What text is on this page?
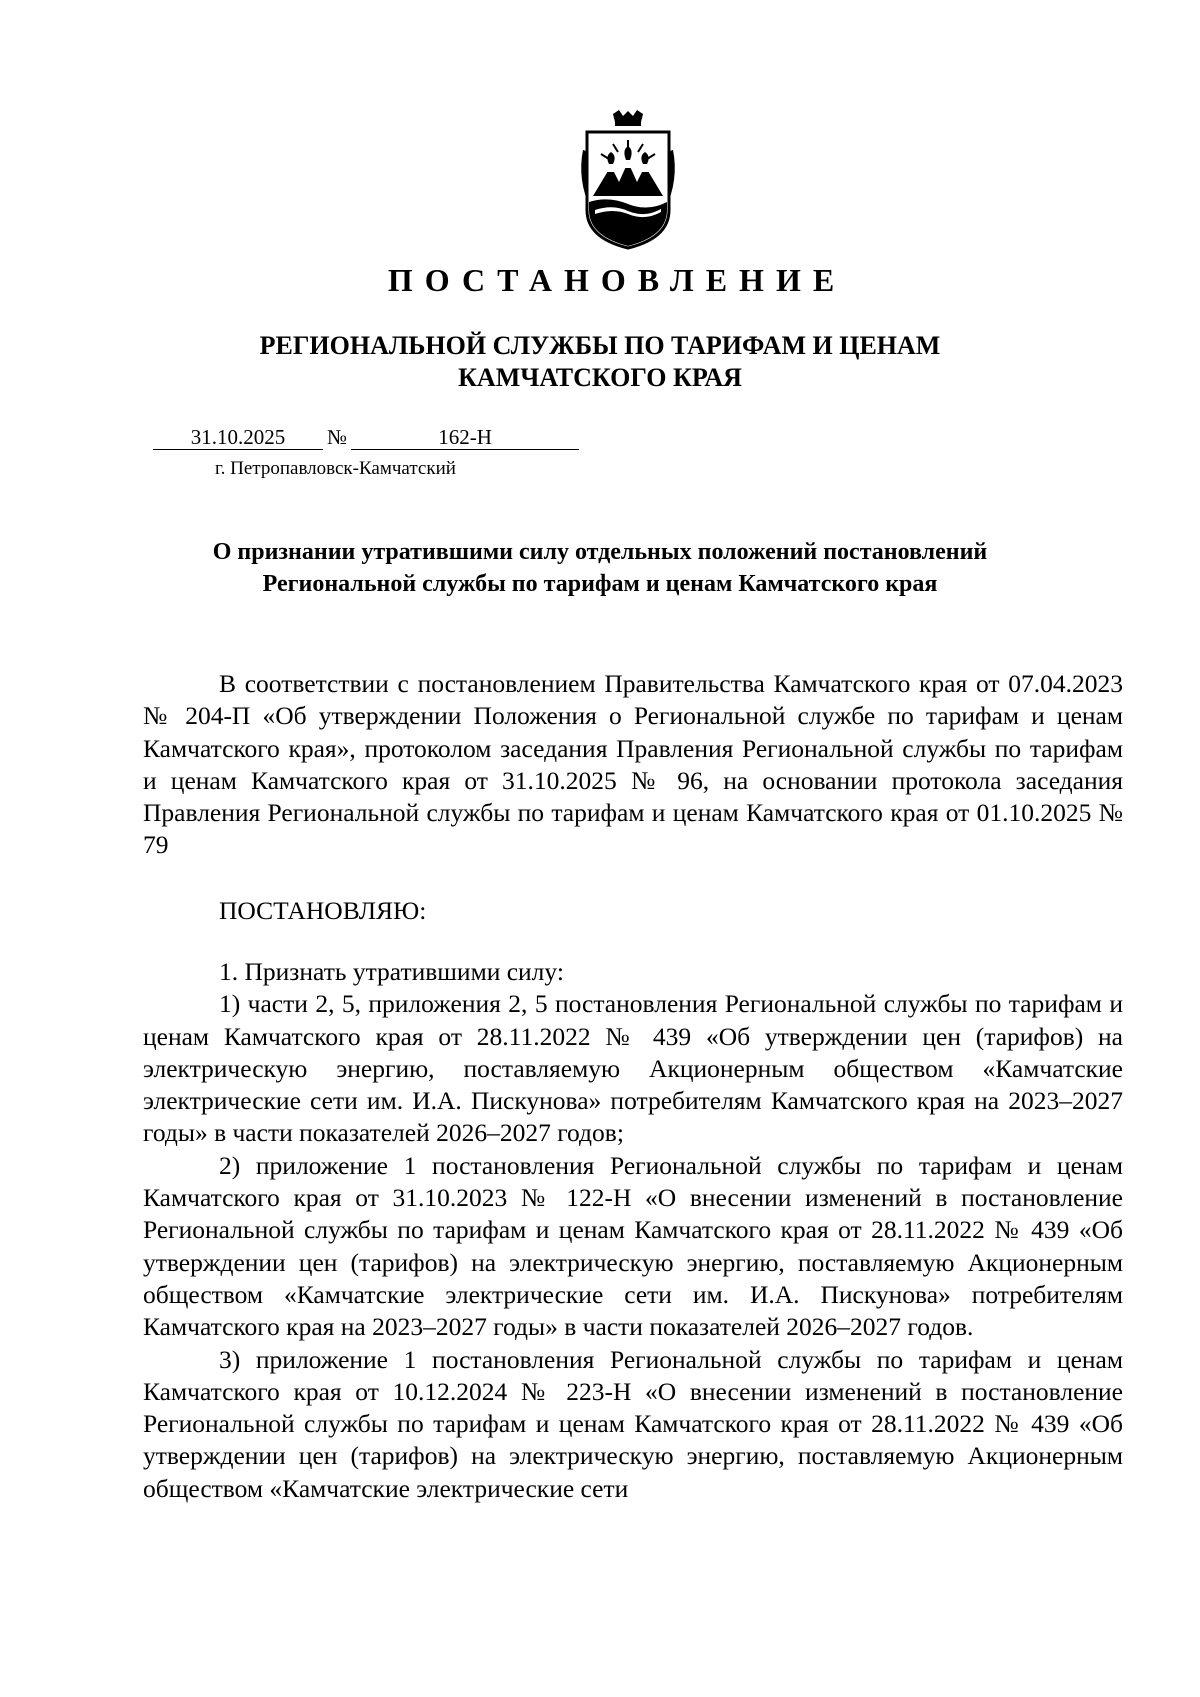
ПОСТАНОВЛЕНИЕ
РЕГИОНАЛЬНОЙ СЛУЖБЫ ПО ТАРИФАМ И ЦЕНАМ
КАМЧАТСКОГО КРАЯ
31.10.2025 №	162-Н
г. Петропавловск-Камчатский
О признании утратившими силу отдельных положений постановлений
Региональной службы по тарифам и ценам Камчатского края

В соответствии с постановлением Правительства Камчатского края от 07.04.2023 № 204-П «Об утверждении Положения о Региональной службе по тарифам и ценам Камчатского края», протоколом заседания Правления Региональной службы по тарифам и ценам Камчатского края от 31.10.2025 № 96, на основании протокола заседания Правления Региональной службы по тарифам и ценам Камчатского края от 01.10.2025 № 79

ПОСТАНОВЛЯЮ:

1. Признать утратившими силу:

1) части 2, 5, приложения 2, 5 постановления Региональной службы по тарифам и ценам Камчатского края от 28.11.2022 № 439 «Об утверждении цен (тарифов) на электрическую энергию, поставляемую Акционерным обществом «Камчатские электрические сети им. И.А. Пискунова» потребителям Камчатского края на 2023–2027 годы» в части показателей 2026–2027 годов;

2) приложение 1 постановления Региональной службы по тарифам и ценам Камчатского края от 31.10.2023 № 122-Н «О внесении изменений в постановление Региональной службы по тарифам и ценам Камчатского края от 28.11.2022 № 439 «Об утверждении цен (тарифов) на электрическую энергию, поставляемую Акционерным обществом «Камчатские электрические сети им. И.А. Пискунова» потребителям Камчатского края на 2023–2027 годы» в части показателей 2026–2027 годов.

3) приложение 1 постановления Региональной службы по тарифам и ценам Камчатского края от 10.12.2024 № 223-Н «О внесении изменений в постановление Региональной службы по тарифам и ценам Камчатского края от 28.11.2022 № 439 «Об утверждении цен (тарифов) на электрическую энергию, поставляемую Акционерным обществом «Камчатские электрические сети
